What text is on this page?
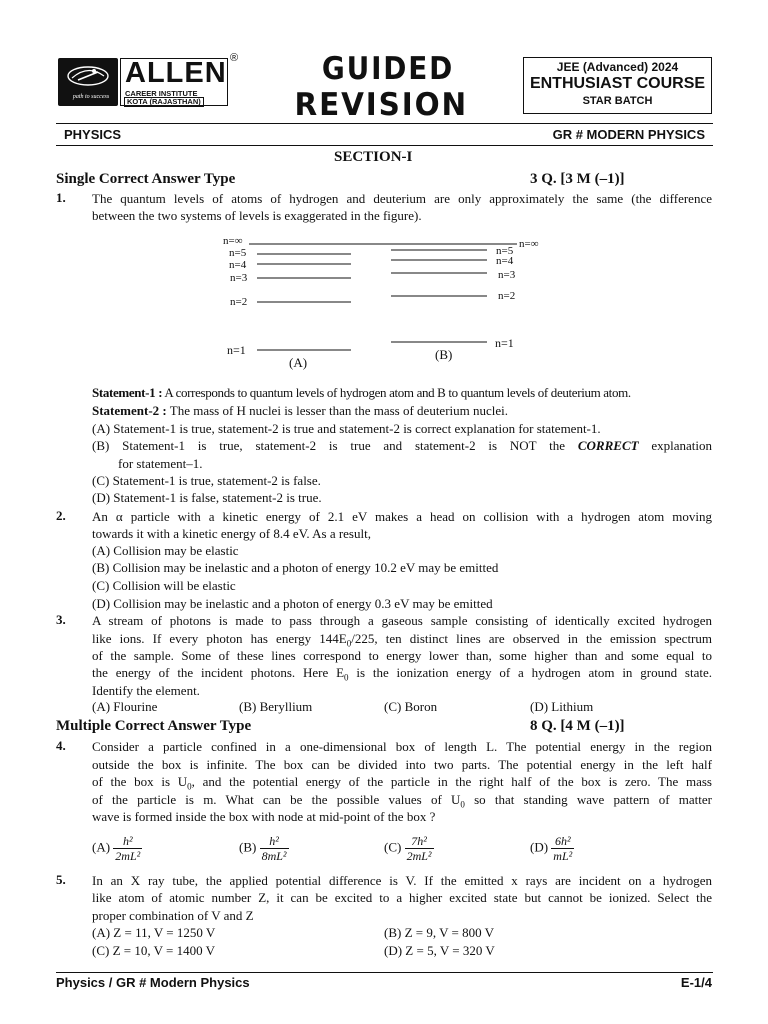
path to success
ALLEN
CAREER INSTITUTE
KOTA (RAJASTHAN)
®	GUIDED
REVISION
JEE (Advanced) 2024
ENTHUSIAST COURSE
STAR BATCH
PHYSICS	GR # MODERN PHYSICS
SECTION-I
Single Correct Answer Type	3 Q. [3 M (–1)]
1. The quantum levels of atoms of hydrogen and deuterium are only approximately the same (the difference
between the two systems of levels is exaggerated in the figure).
n=∞
n=5
n=4
n=3
n=2
n=1
n=∞
n=5
n=4
n=3
n=2
n=1
(A)
(B)
Statement-1 : A corresponds to quantum levels of hydrogen atom and B to quantum levels of deuterium atom.
Statement-2 : The mass of H nuclei is lesser than the mass of deuterium nuclei.
(A) Statement-1 is true, statement-2 is true and statement-2 is correct explanation for statement-1.
(B) Statement-1 is true, statement-2 is true and statement-2 is NOT the CORRECT explanation
for statement–1.
(C) Statement-1 is true, statement-2 is false.
(D) Statement-1 is false, statement-2 is true.
2. An α particle with a kinetic energy of 2.1 eV makes a head on collision with a hydrogen atom moving
towards it with a kinetic energy of 8.4 eV. As a result,
(A) Collision may be elastic
(B) Collision may be inelastic and a photon of energy 10.2 eV may be emitted
(C) Collision will be elastic
(D) Collision may be inelastic and a photon of energy 0.3 eV may be emitted
3. A stream of photons is made to pass through a gaseous sample consisting of identically excited hydrogen
like ions. If every photon has energy $144E_0/225$, ten distinct lines are observed in the emission spectrum
of the sample. Some of these lines correspond to energy lower than, some higher than and some equal to
the energy of the incident photons. Here $E_0$ is the ionization energy of a hydrogen atom in ground state.
Identify the element.
(A) Flourine	(B) Beryllium	(C) Boron	(D) Lithium
Multiple Correct Answer Type	8 Q. [4 M (–1)]
4. Consider a particle confined in a one-dimensional box of length L. The potential energy in the region
outside the box is infinite. The box can be divided into two parts. The potential energy in the left half
of the box is $U_0$, and the potential energy of the particle in the right half of the box is zero. The mass
of the particle is m. What can be the possible values of $U_0$ so that standing wave pattern of matter
wave is formed inside the box with node at mid-point of the box ?
$(A) \frac{\text{h²}}{\text{2mL²}}$	$(B) \frac{\text{h²}}{\text{8mL²}}$	$(C) \frac{\text{7h²}}{\text{2mL²}}$	$(D) \frac{\text{6h²}}{\text{mL²}}$
5. In an X ray tube, the applied potential difference is V. If the emitted x rays are incident on a hydrogen
like atom of atomic number Z, it can be excited to a higher excited state but cannot be ionized. Select the
proper combination of V and Z
(A) Z = 11, V = 1250 V	(B) Z = 9, V = 800 V
(C) Z = 10, V = 1400 V	(D) Z = 5, V = 320 V
Physics / GR # Modern Physics	E-1/4
